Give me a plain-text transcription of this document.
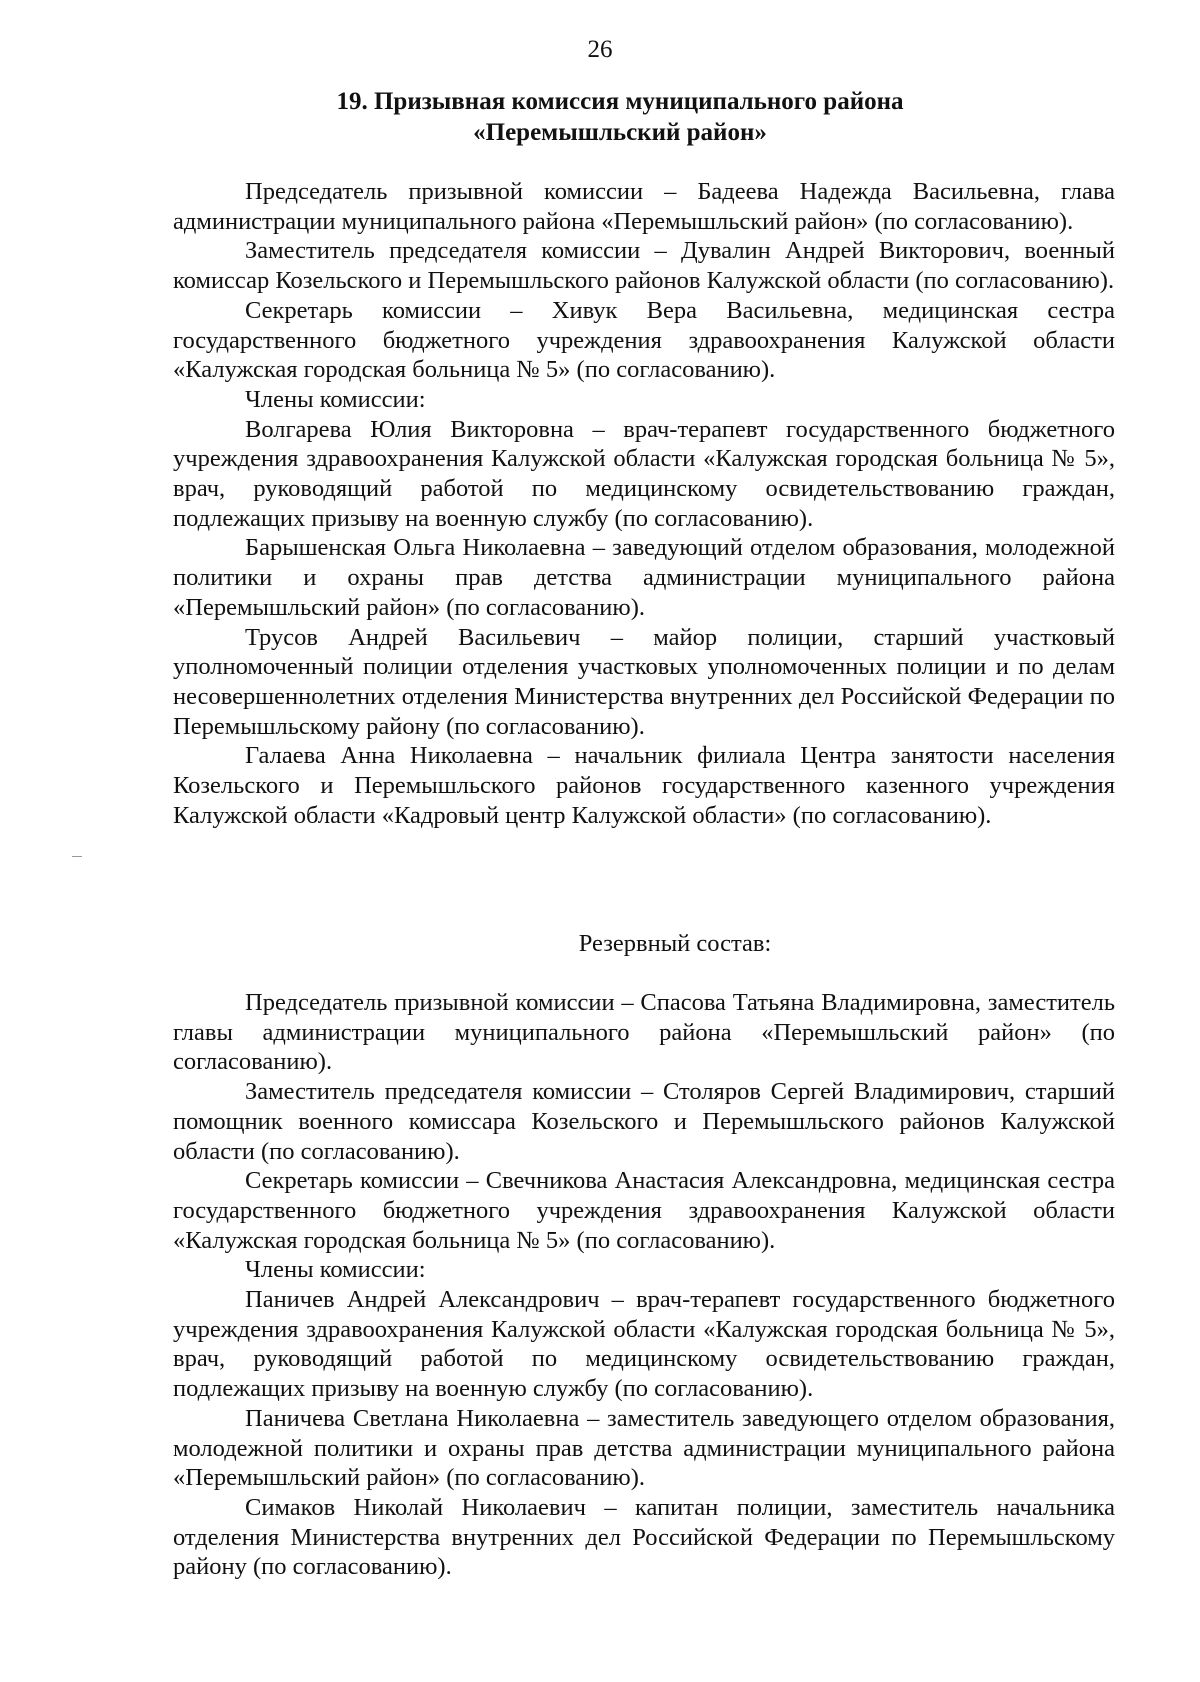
26
19. Призывная комиссия муниципального района
«Перемышльский район»

Председатель призывной комиссии – Бадеева Надежда Васильевна, глава администрации муниципального района «Перемышльский район» (по согласованию).

Заместитель председателя комиссии – Дувалин Андрей Викторович, военный комиссар Козельского и Перемышльского районов Калужской области (по согласованию).

Секретарь комиссии – Хивук Вера Васильевна, медицинская сестра государственного бюджетного учреждения здравоохранения Калужской области «Калужская городская больница № 5» (по согласованию).

Члены комиссии:

Волгарева Юлия Викторовна – врач-терапевт государственного бюджетного учреждения здравоохранения Калужской области «Калужская городская больница № 5», врач, руководящий работой по медицинскому освидетельствованию граждан, подлежащих призыву на военную службу (по согласованию).

Барышенская Ольга Николаевна – заведующий отделом образования, молодежной политики и охраны прав детства администрации муниципального района «Перемышльский район» (по согласованию).

Трусов Андрей Васильевич – майор полиции, старший участковый уполномоченный полиции отделения участковых уполномоченных полиции и по делам несовершеннолетних отделения Министерства внутренних дел Российской Федерации по Перемышльскому району (по согласованию).

Галаева Анна Николаевна – начальник филиала Центра занятости населения Козельского и Перемышльского районов государственного казенного учреждения Калужской области «Кадровый центр Калужской области» (по согласованию).

Резервный состав:

Председатель призывной комиссии – Спасова Татьяна Владимировна, заместитель главы администрации муниципального района «Перемышльский район» (по согласованию).

Заместитель председателя комиссии – Столяров Сергей Владимирович, старший помощник военного комиссара Козельского и Перемышльского районов Калужской области (по согласованию).

Секретарь комиссии – Свечникова Анастасия Александровна, медицинская сестра государственного бюджетного учреждения здравоохранения Калужской области «Калужская городская больница № 5» (по согласованию).

Члены комиссии:

Паничев Андрей Александрович – врач-терапевт государственного бюджетного учреждения здравоохранения Калужской области «Калужская городская больница № 5», врач, руководящий работой по медицинскому освидетельствованию граждан, подлежащих призыву на военную службу (по согласованию).

Паничева Светлана Николаевна – заместитель заведующего отделом образования, молодежной политики и охраны прав детства администрации муниципального района «Перемышльский район» (по согласованию).

Симаков Николай Николаевич – капитан полиции, заместитель начальника отделения Министерства внутренних дел Российской Федерации по Перемышльскому району (по согласованию).
